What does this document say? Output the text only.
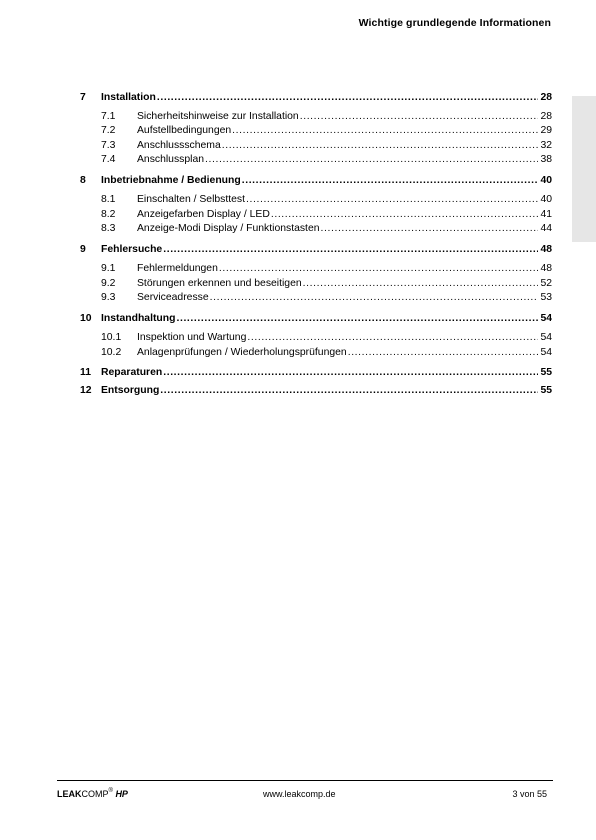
Wichtige grundlegende Informationen
7	Installation .....	28
7.1	Sicherheitshinweise zur Installation .....	28
7.2	Aufstellbedingungen .....	29
7.3	Anschlussschema .....	32
7.4	Anschlussplan .....	38
8	Inbetriebnahme / Bedienung .....	40
8.1	Einschalten / Selbsttest .....	40
8.2	Anzeigefarben Display / LED .....	41
8.3	Anzeige-Modi Display / Funktionstasten .....	44
9	Fehlersuche .....	48
9.1	Fehlermeldungen .....	48
9.2	Störungen erkennen und beseitigen .....	52
9.3	Serviceadresse .....	53
10 Instandhaltung .....	54
10.1	Inspektion und Wartung .....	54
10.2	Anlagenprüfungen / Wiederholungsprüfungen .....	54
11 Reparaturen .....	55
12 Entsorgung .....	55
LEAKCOMP® HP	www.leakcomp.de	3 von 55
